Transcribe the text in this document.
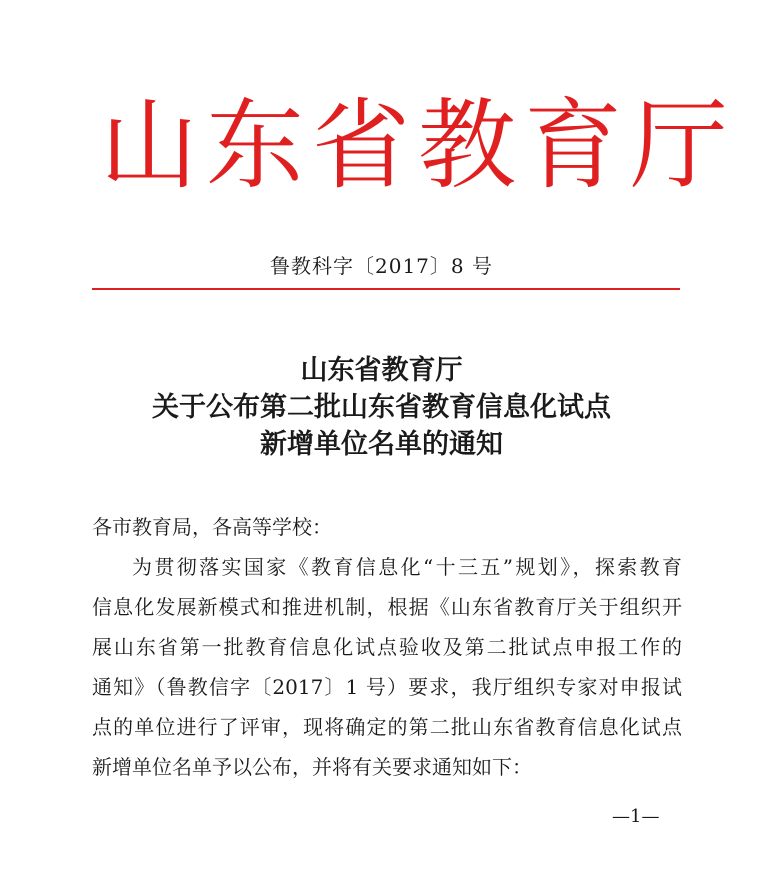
山东省教育厅
鲁教科字〔2017〕8 号
山东省教育厅
关于公布第二批山东省教育信息化试点
新增单位名单的通知
各市教育局，各高等学校：
为贯彻落实国家《教育信息化“十三五”规划》，探索教育
信息化发展新模式和推进机制，根据《山东省教育厅关于组织开
展山东省第一批教育信息化试点验收及第二批试点申报工作的
通知》（鲁教信字〔2017〕1 号）要求，我厅组织专家对申报试
点的单位进行了评审，现将确定的第二批山东省教育信息化试点
新增单位名单予以公布，并将有关要求通知如下：
—1—
